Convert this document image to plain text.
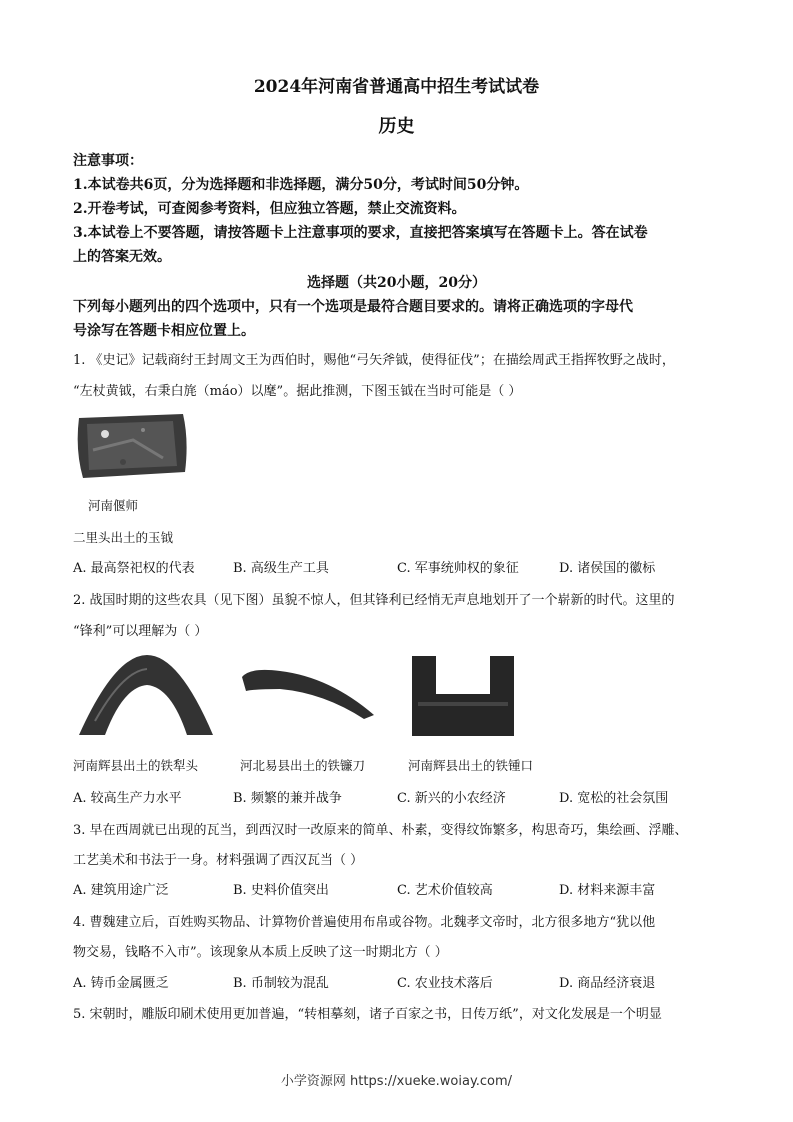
2024年河南省普通高中招生考试试卷
历史
注意事项：
1.本试卷共6页，分为选择题和非选择题，满分50分，考试时间50分钟。
2.开卷考试，可查阅参考资料，但应独立答题，禁止交流资料。
3.本试卷上不要答题，请按答题卡上注意事项的要求，直接把答案填写在答题卡上。答在试卷
上的答案无效。
选择题（共20小题，20分）
下列每小题列出的四个选项中，只有一个选项是最符合题目要求的。请将正确选项的字母代
号涂写在答题卡相应位置上。
1. 《史记》记载商纣王封周文王为西伯时，赐他“弓矢斧钺，使得征伐”；在描绘周武王指挥牧野之战时，
“左杖黄钺，右秉白旄（máo）以麾”。据此推测，下图玉钺在当时可能是（ ）
河南偃师
二里头出土的玉钺
A. 最高祭祀权的代表	B. 高级生产工具	C. 军事统帅权的象征	D. 诸侯国的徽标
2. 战国时期的这些农具（见下图）虽貌不惊人，但其锋利已经悄无声息地划开了一个崭新的时代。这里的
“锋利”可以理解为（ ）
河南辉县出土的铁犁头	河北易县出土的铁镰刀	河南辉县出土的铁锺口
A. 较高生产力水平	B. 频繁的兼并战争	C. 新兴的小农经济	D. 宽松的社会氛围
3. 早在西周就已出现的瓦当，到西汉时一改原来的简单、朴素，变得纹饰繁多，构思奇巧，集绘画、浮雕、
工艺美术和书法于一身。材料强调了西汉瓦当（ ）
A. 建筑用途广泛	B. 史料价值突出	C. 艺术价值较高	D. 材料来源丰富
4. 曹魏建立后，百姓购买物品、计算物价普遍使用布帛或谷物。北魏孝文帝时，北方很多地方“犹以他
物交易，钱略不入市”。该现象从本质上反映了这一时期北方（ ）
A. 铸币金属匮乏	B. 币制较为混乱	C. 农业技术落后	D. 商品经济衰退
5. 宋朝时，雕版印刷术使用更加普遍，“转相摹刻，诸子百家之书，日传万纸”，对文化发展是一个明显
小学资源网 https://xueke.woiay.com/
